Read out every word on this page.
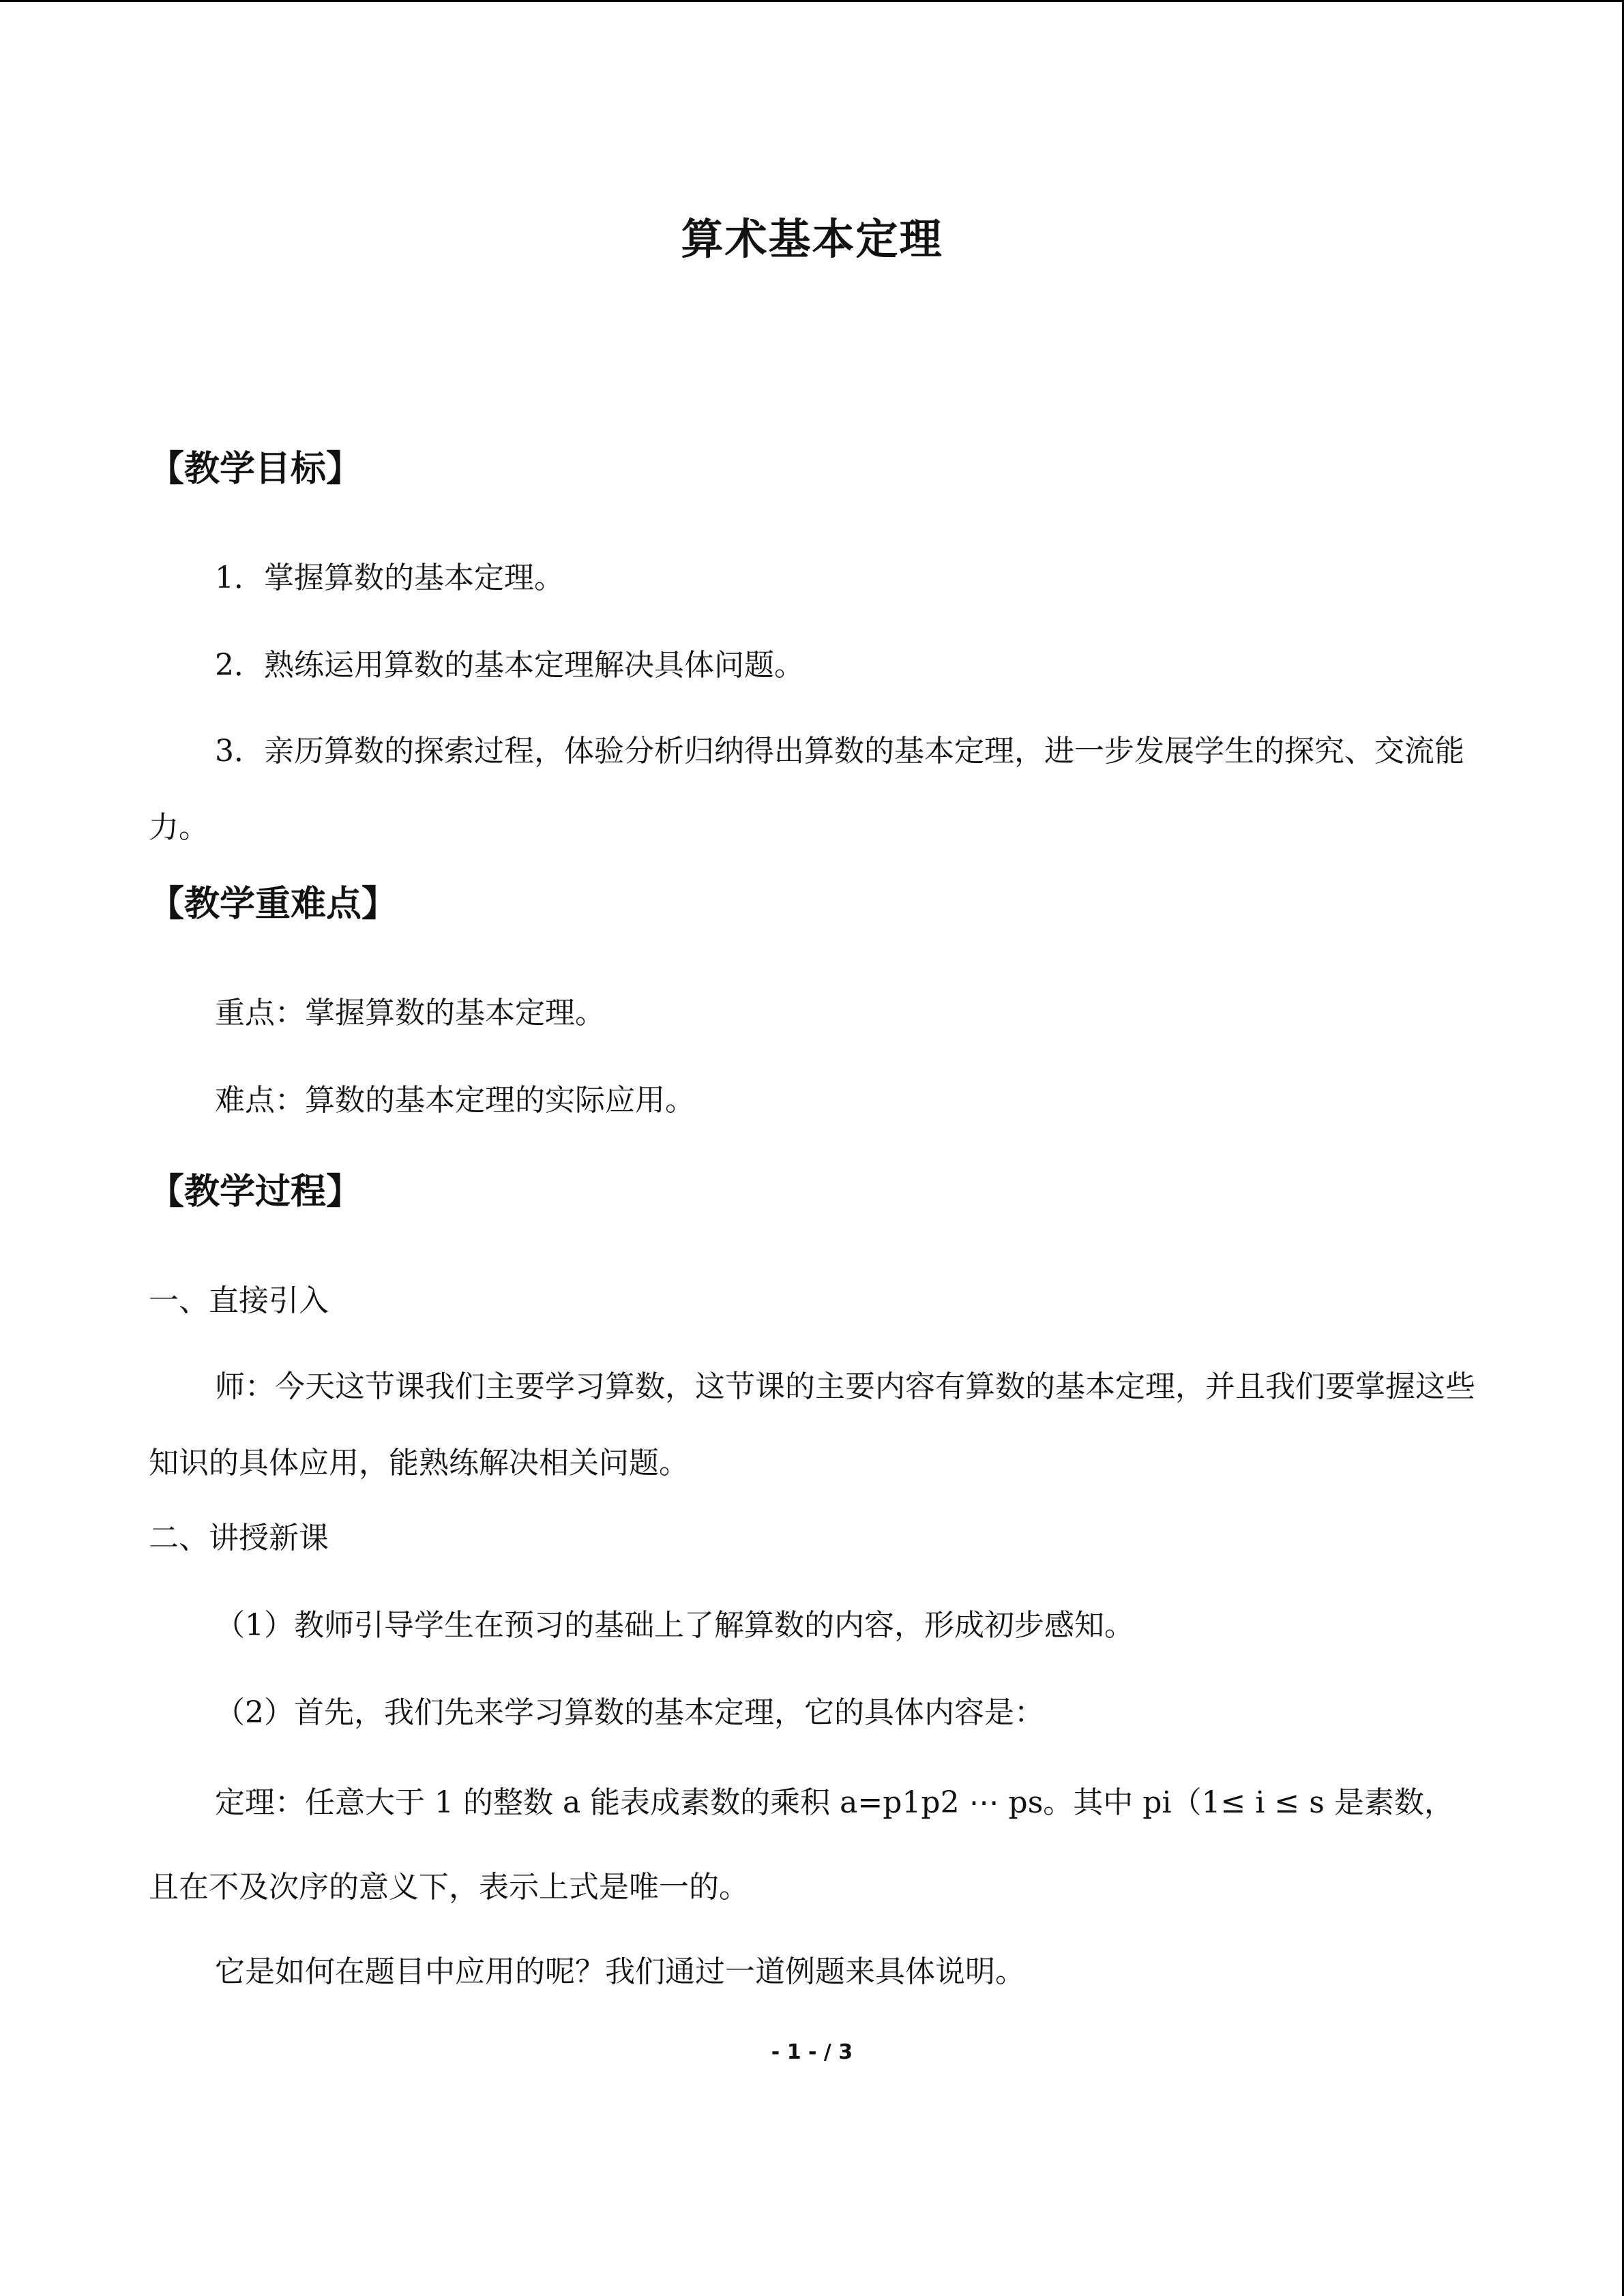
算术基本定理
【教学目标】
1．掌握算数的基本定理。
2．熟练运用算数的基本定理解决具体问题。
3．亲历算数的探索过程，体验分析归纳得出算数的基本定理，进一步发展学生的探究、交流能力。
【教学重难点】
重点：掌握算数的基本定理。
难点：算数的基本定理的实际应用。
【教学过程】
一、直接引入
师：今天这节课我们主要学习算数，这节课的主要内容有算数的基本定理，并且我们要掌握这些知识的具体应用，能熟练解决相关问题。
二、讲授新课
（1）教师引导学生在预习的基础上了解算数的内容，形成初步感知。
（2）首先，我们先来学习算数的基本定理，它的具体内容是：
定理：任意大于 1 的整数 a 能表成素数的乘积 a=p1p2 ⋯ ps。其中 pi（1≤ i ≤ s 是素数，且在不及次序的意义下，表示上式是唯一的。
它是如何在题目中应用的呢？我们通过一道例题来具体说明。
- 1 - / 3
